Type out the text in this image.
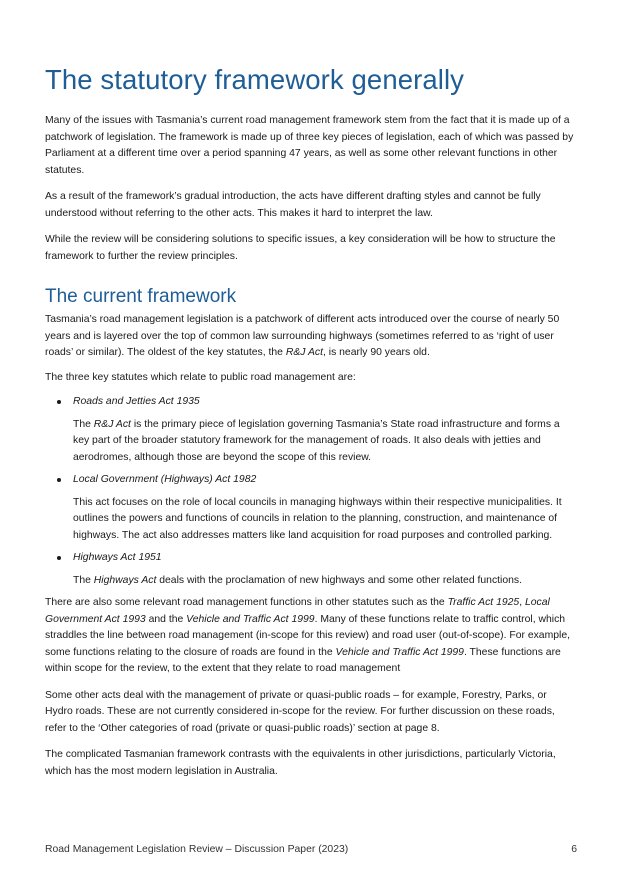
The statutory framework generally

Many of the issues with Tasmania’s current road management framework stem from the fact that it is made up of a patchwork of legislation. The framework is made up of three key pieces of legislation, each of which was passed by Parliament at a different time over a period spanning 47 years, as well as some other relevant functions in other statutes.

As a result of the framework’s gradual introduction, the acts have different drafting styles and cannot be fully understood without referring to the other acts. This makes it hard to interpret the law.

While the review will be considering solutions to specific issues, a key consideration will be how to structure the framework to further the review principles.

The current framework

Tasmania’s road management legislation is a patchwork of different acts introduced over the course of nearly 50 years and is layered over the top of common law surrounding highways (sometimes referred to as ‘right of user roads’ or similar). The oldest of the key statutes, the R&J Act, is nearly 90 years old.

The three key statutes which relate to public road management are:

Roads and Jetties Act 1935

The R&J Act is the primary piece of legislation governing Tasmania’s State road infrastructure and forms a key part of the broader statutory framework for the management of roads. It also deals with jetties and aerodromes, although those are beyond the scope of this review.

Local Government (Highways) Act 1982

This act focuses on the role of local councils in managing highways within their respective municipalities. It outlines the powers and functions of councils in relation to the planning, construction, and maintenance of highways. The act also addresses matters like land acquisition for road purposes and controlled parking.

Highways Act 1951

The Highways Act deals with the proclamation of new highways and some other related functions.

There are also some relevant road management functions in other statutes such as the Traffic Act 1925, Local Government Act 1993 and the Vehicle and Traffic Act 1999. Many of these functions relate to traffic control, which straddles the line between road management (in-scope for this review) and road user (out-of-scope). For example, some functions relating to the closure of roads are found in the Vehicle and Traffic Act 1999. These functions are within scope for the review, to the extent that they relate to road management

Some other acts deal with the management of private or quasi-public roads – for example, Forestry, Parks, or Hydro roads. These are not currently considered in-scope for the review. For further discussion on these roads, refer to the ‘Other categories of road (private or quasi-public roads)’ section at page 8.

The complicated Tasmanian framework contrasts with the equivalents in other jurisdictions, particularly Victoria, which has the most modern legislation in Australia.

Road Management Legislation Review – Discussion Paper (2023)	6
